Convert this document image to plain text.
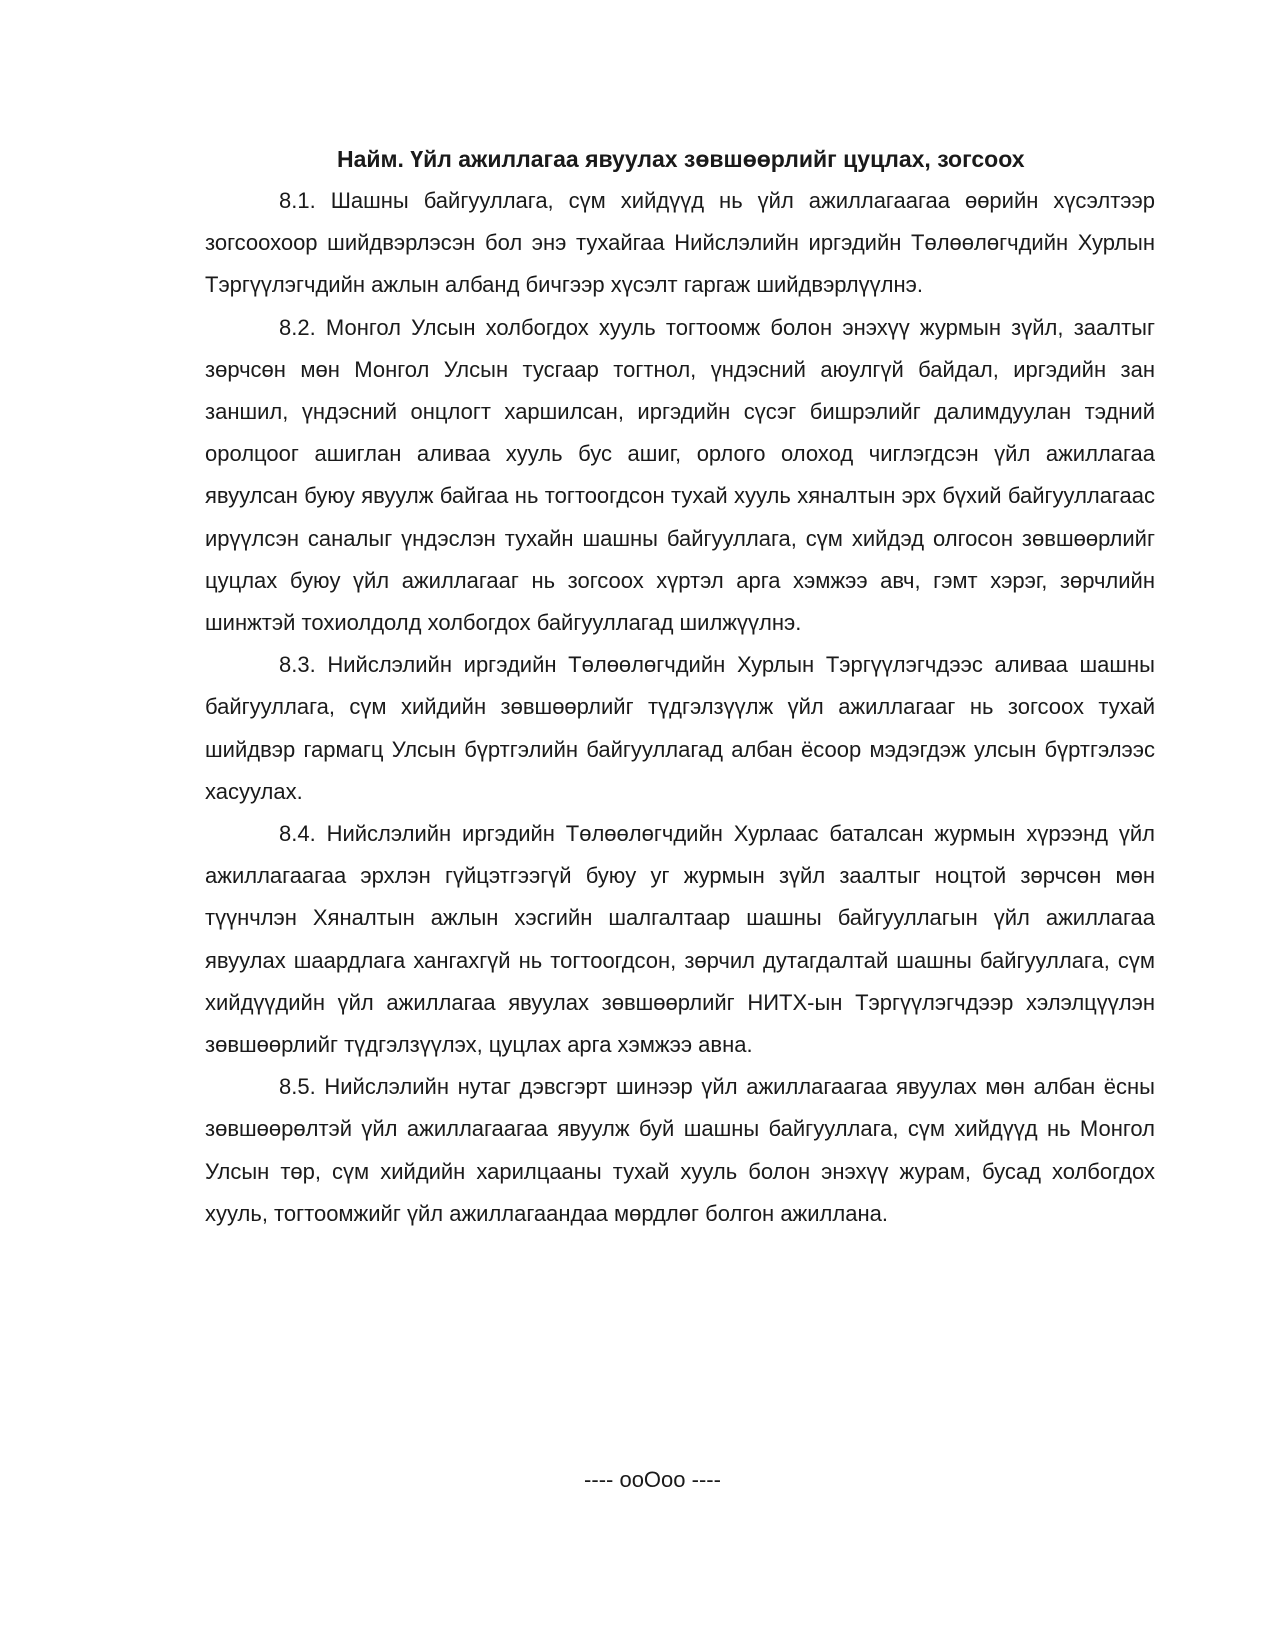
Найм. Үйл ажиллагаа явуулах зөвшөөрлийг цуцлах, зогсоох

8.1. Шашны байгууллага, сүм хийдүүд нь үйл ажиллагаагаа өөрийн хүсэлтээр зогсоохоор шийдвэрлэсэн бол энэ тухайгаа Нийслэлийн иргэдийн Төлөөлөгчдийн Хурлын Тэргүүлэгчдийн ажлын албанд бичгээр хүсэлт гаргаж шийдвэрлүүлнэ.

8.2. Монгол Улсын холбогдох хууль тогтоомж болон энэхүү журмын зүйл, заалтыг зөрчсөн мөн Монгол Улсын тусгаар тогтнол, үндэсний аюулгүй байдал, иргэдийн зан заншил, үндэсний онцлогт харшилсан, иргэдийн сүсэг бишрэлийг далимдуулан тэдний оролцоог ашиглан аливаа хууль бус ашиг, орлого олоход чиглэгдсэн үйл ажиллагаа явуулсан буюу явуулж байгаа нь тогтоогдсон тухай хууль хяналтын эрх бүхий байгууллагаас ирүүлсэн саналыг үндэслэн тухайн шашны байгууллага, сүм хийдэд олгосон зөвшөөрлийг цуцлах буюу үйл ажиллагааг нь зогсоох хүртэл арга хэмжээ авч, гэмт хэрэг, зөрчлийн шинжтэй тохиолдолд холбогдох байгууллагад шилжүүлнэ.

8.3. Нийслэлийн иргэдийн Төлөөлөгчдийн Хурлын Тэргүүлэгчдээс аливаа шашны байгууллага, сүм хийдийн зөвшөөрлийг түдгэлзүүлж үйл ажиллагааг нь зогсоох тухай шийдвэр гармагц Улсын бүртгэлийн байгууллагад албан ёсоор мэдэгдэж улсын бүртгэлээс хасуулах.

8.4. Нийслэлийн иргэдийн Төлөөлөгчдийн Хурлаас баталсан журмын хүрээнд үйл ажиллагаагаа эрхлэн гүйцэтгээгүй буюу уг журмын зүйл заалтыг ноцтой зөрчсөн мөн түүнчлэн Хяналтын ажлын хэсгийн шалгалтаар шашны байгууллагын үйл ажиллагаа явуулах шаардлага хангахгүй нь тогтоогдсон, зөрчил дутагдалтай шашны байгууллага, сүм хийдүүдийн үйл ажиллагаа явуулах зөвшөөрлийг НИТХ-ын Тэргүүлэгчдээр хэлэлцүүлэн зөвшөөрлийг түдгэлзүүлэх, цуцлах арга хэмжээ авна.

8.5. Нийслэлийн нутаг дэвсгэрт шинээр үйл ажиллагаагаа явуулах мөн албан ёсны зөвшөөрөлтэй үйл ажиллагаагаа явуулж буй шашны байгууллага, сүм хийдүүд нь Монгол Улсын төр, сүм хийдийн харилцааны тухай хууль болон энэхүү журам, бусад холбогдох хууль, тогтоомжийг үйл ажиллагаандаа мөрдлөг болгон ажиллана.

---- ooOoo ----
